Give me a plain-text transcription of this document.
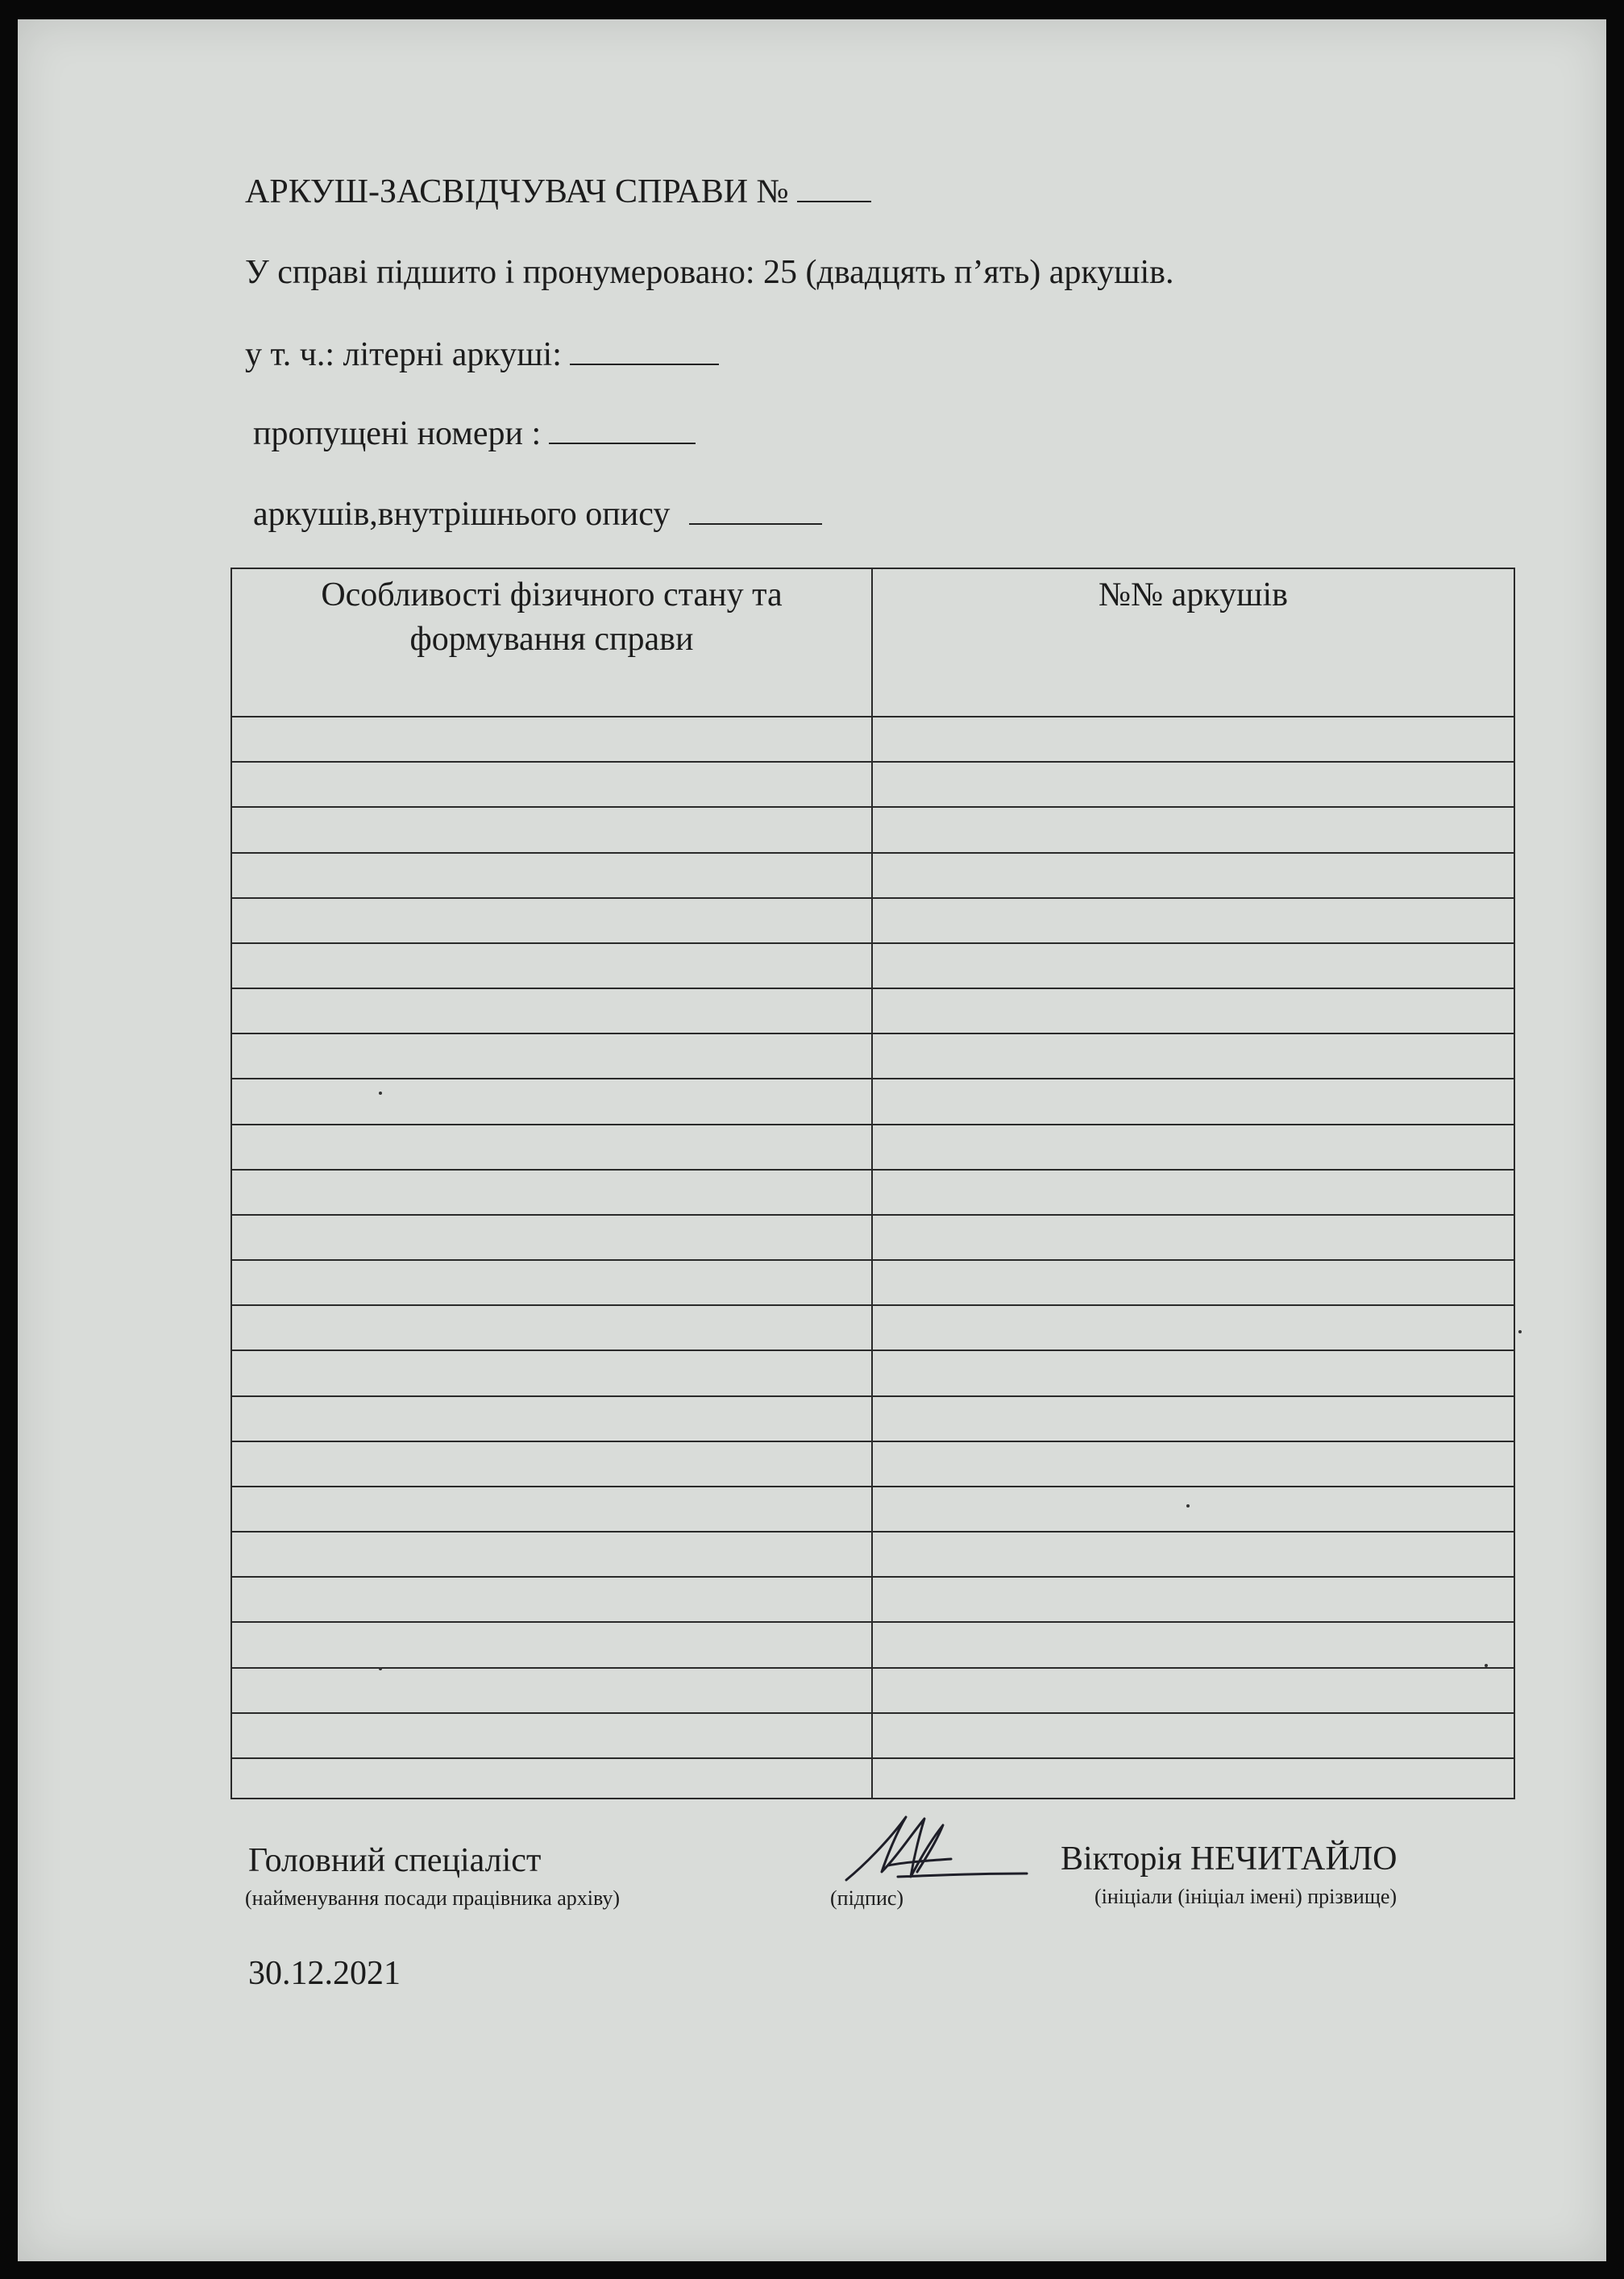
АРКУШ-ЗАСВІДЧУВАЧ СПРАВИ №
У справі підшито і пронумеровано: 25 (двадцять п’ять) аркушів.
у т. ч.: літерні аркуші:
пропущені номери :
аркушів,внутрішнього опису
Особливості фізичного стану та формування справи
№№ аркушів
Головний спеціаліст
(найменування посади працівника архіву)	(підпис)
Вікторія НЕЧИТАЙЛО
(ініціали (ініціал імені) прізвище)
30.12.2021
